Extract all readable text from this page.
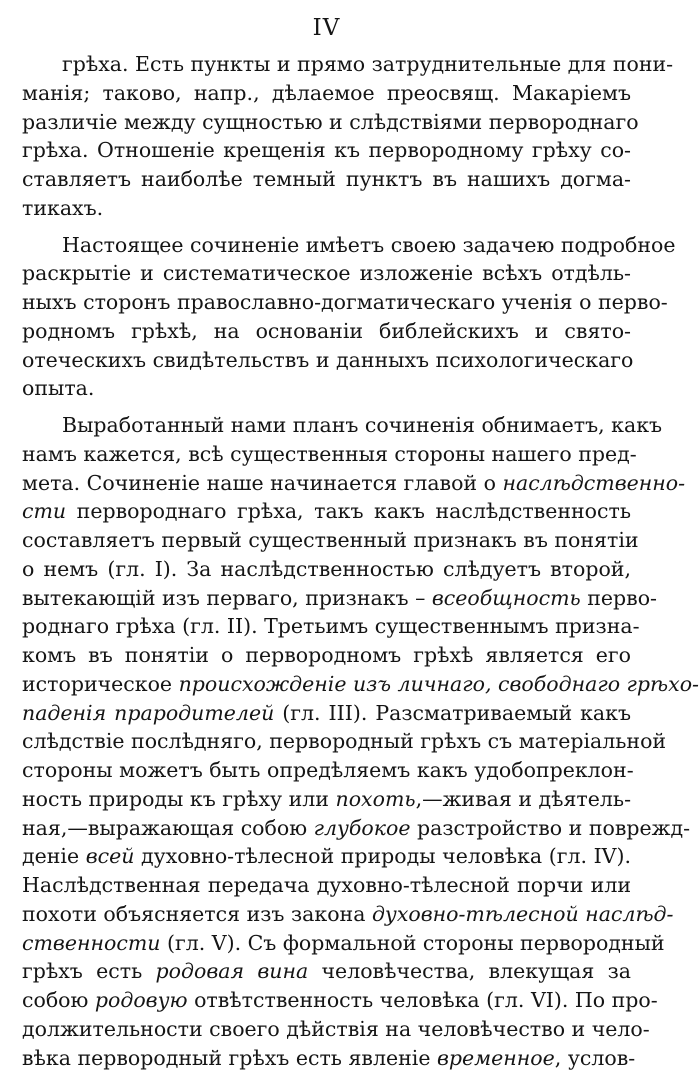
IV
грѣха. Есть пункты и прямо затруднительные для пони-
манія; таково, напр., дѣлаемое преосвящ. Макаріемъ
различіе между сущностью и слѣдствіями первороднаго
грѣха. Отношеніе крещенія къ первородному грѣху со-
ставляетъ наиболѣе темный пунктъ въ нашихъ догма-
тикахъ.
Настоящее сочиненіе имѣетъ своею задачею подробное
раскрытіе и систематическое изложеніе всѣхъ отдѣль-
ныхъ сторонъ православно-догматическаго ученія о перво-
родномъ грѣхѣ, на основаніи библейскихъ и свято-
отеческихъ свидѣтельствъ и данныхъ психологическаго
опыта.
Выработанный нами планъ сочиненія обнимаетъ, какъ
намъ кажется, всѣ существенныя стороны нашего пред-
мета. Сочиненіе наше начинается главой о наслѣдственно-
сти первороднаго грѣха, такъ какъ наслѣдственность
составляетъ первый существенный признакъ въ понятіи
о немъ (гл. I). За наслѣдственностью слѣдуетъ второй,
вытекающій изъ перваго, признакъ – всеобщность перво-
роднаго грѣха (гл. II). Третьимъ существеннымъ призна-
комъ въ понятіи о первородномъ грѣхѣ является его
историческое происхожденіе изъ личнаго, свободнаго грѣхо-
паденія прародителей (гл. III). Разсматриваемый какъ
слѣдствіе послѣдняго, первородный грѣхъ съ матеріальной
стороны можетъ быть опредѣляемъ какъ удобопреклон-
ность природы къ грѣху или похоть,—живая и дѣятель-
ная,—выражающая собою глубокое разстройство и поврежд-
деніе всей духовно-тѣлесной природы человѣка (гл. IV).
Наслѣдственная передача духовно-тѣлесной порчи или
похоти объясняется изъ закона духовно-тѣлесной наслѣд-
ственности (гл. V). Съ формальной стороны первородный
грѣхъ есть родовая вина человѣчества, влекущая за
собою родовую отвѣтственность человѣка (гл. VI). По про-
должительности своего дѣйствія на человѣчество и чело-
вѣка первородный грѣхъ есть явленіе временное, услов-
